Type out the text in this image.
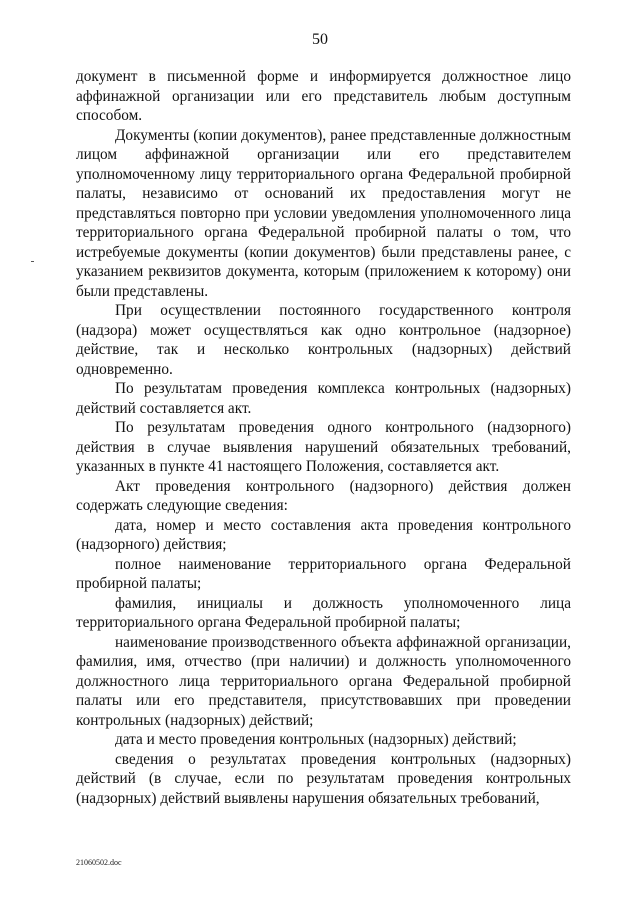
50

документ в письменной форме и информируется должностное лицо аффинажной организации или его представитель любым доступным способом.

Документы (копии документов), ранее представленные должностным лицом аффинажной организации или его представителем уполномоченному лицу территориального органа Федеральной пробирной палаты, независимо от оснований их предоставления могут не представляться повторно при условии уведомления уполномоченного лица территориального органа Федеральной пробирной палаты о том, что истребуемые документы (копии документов) были представлены ранее, с указанием реквизитов документа, которым (приложением к которому) они были представлены.

При осуществлении постоянного государственного контроля (надзора) может осуществляться как одно контрольное (надзорное) действие, так и несколько контрольных (надзорных) действий одновременно.

По результатам проведения комплекса контрольных (надзорных) действий составляется акт.

По результатам проведения одного контрольного (надзорного) действия в случае выявления нарушений обязательных требований, указанных в пункте 41 настоящего Положения, составляется акт.

Акт проведения контрольного (надзорного) действия должен содержать следующие сведения:

дата, номер и место составления акта проведения контрольного (надзорного) действия;

полное наименование территориального органа Федеральной пробирной палаты;

фамилия, инициалы и должность уполномоченного лица территориального органа Федеральной пробирной палаты;

наименование производственного объекта аффинажной организации, фамилия, имя, отчество (при наличии) и должность уполномоченного должностного лица территориального органа Федеральной пробирной палаты или его представителя, присутствовавших при проведении контрольных (надзорных) действий;

дата и место проведения контрольных (надзорных) действий;

сведения о результатах проведения контрольных (надзорных) действий (в случае, если по результатам проведения контрольных (надзорных) действий выявлены нарушения обязательных требований,

21060502.doc
